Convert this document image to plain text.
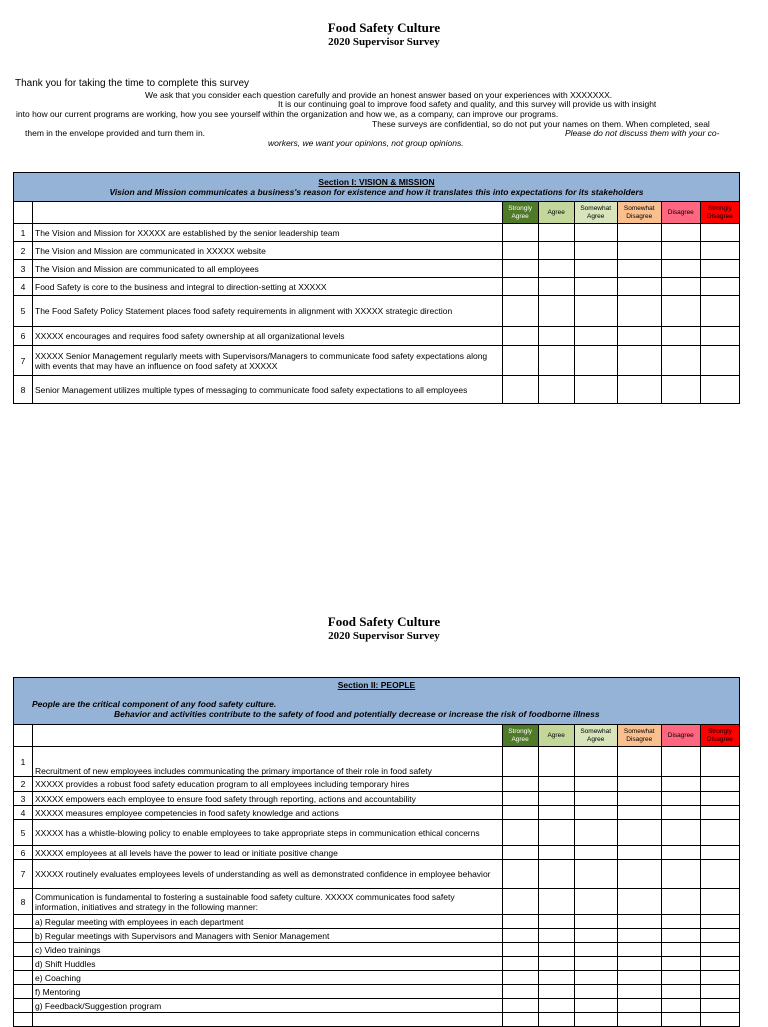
Food Safety Culture
2020 Supervisor Survey
Thank you for taking the time to complete this survey
We ask that you consider each question carefully and provide an honest answer based on your experiences with XXXXXXX.
It is our continuing goal to improve food safety and quality, and this survey will provide us with insight
into how our current programs are working, how you see yourself within the organization and how we, as a company, can improve our programs.
These surveys are confidential, so do not put your names on them. When completed, seal
them in the envelope provided and turn them in.	Please do not discuss them with your co-
workers, we want your opinions, not group opinions.
Section I: VISION & MISSION
Vision and Mission communicates a business's reason for existence and how it translates this into expectations for its stakeholders							

		Strongly Agree	Agree	Somewhat Agree	Somewhat Disagree	Disagree	Strongly Disagree
1	The Vision and Mission for XXXXX are established by the senior leadership team						
2	The Vision and Mission are communicated in XXXXX website						
3	The Vision and Mission are communicated to all employees						
4	Food Safety is core to the business and integral to direction-setting at XXXXX						
5	The Food Safety Policy Statement places food safety requirements in alignment with XXXXX strategic direction						
6	XXXXX encourages and requires food safety ownership at all organizational levels						
7	XXXXX Senior Management regularly meets with Supervisors/Managers to communicate food safety expectations along with events that may have an influence on food safety at XXXXX						
8	Senior Management utilizes multiple types of messaging to communicate food safety expectations to all employees						
Food Safety Culture
2020 Supervisor Survey
Section II: PEOPLE
People are the critical component of any food safety culture.
Behavior and activities contribute to the safety of food and potentially decrease or increase the risk of foodborne illness							

		Strongly Agree	Agree	Somewhat Agree	Somewhat Disagree	Disagree	Strongly Disagree
1	Recruitment of new employees includes communicating the primary importance of their role in food safety						
2	XXXXX provides a robust food safety education program to all employees including temporary hires						
3	XXXXX empowers each employee to ensure food safety through reporting, actions and accountability						
4	XXXXX measures employee competencies in food safety knowledge and actions						
5	XXXXX has a whistle-blowing policy to enable employees to take appropriate steps in communication ethical concerns						
6	XXXXX employees at all levels have the power to lead or initiate positive change						
7	XXXXX routinely evaluates employees levels of understanding as well as demonstrated confidence in employee behavior						
8	Communication is fundamental to fostering a sustainable food safety culture. XXXXX communicates food safety information, initiatives and strategy in the following manner:						
	a) Regular meeting with employees in each department						
	b) Regular meetings with Supervisors and Managers with Senior Management						
	c) Video trainings						
	d) Shift Huddles						
	e) Coaching						
	f) Mentoring						
	g) Feedback/Suggestion program						
